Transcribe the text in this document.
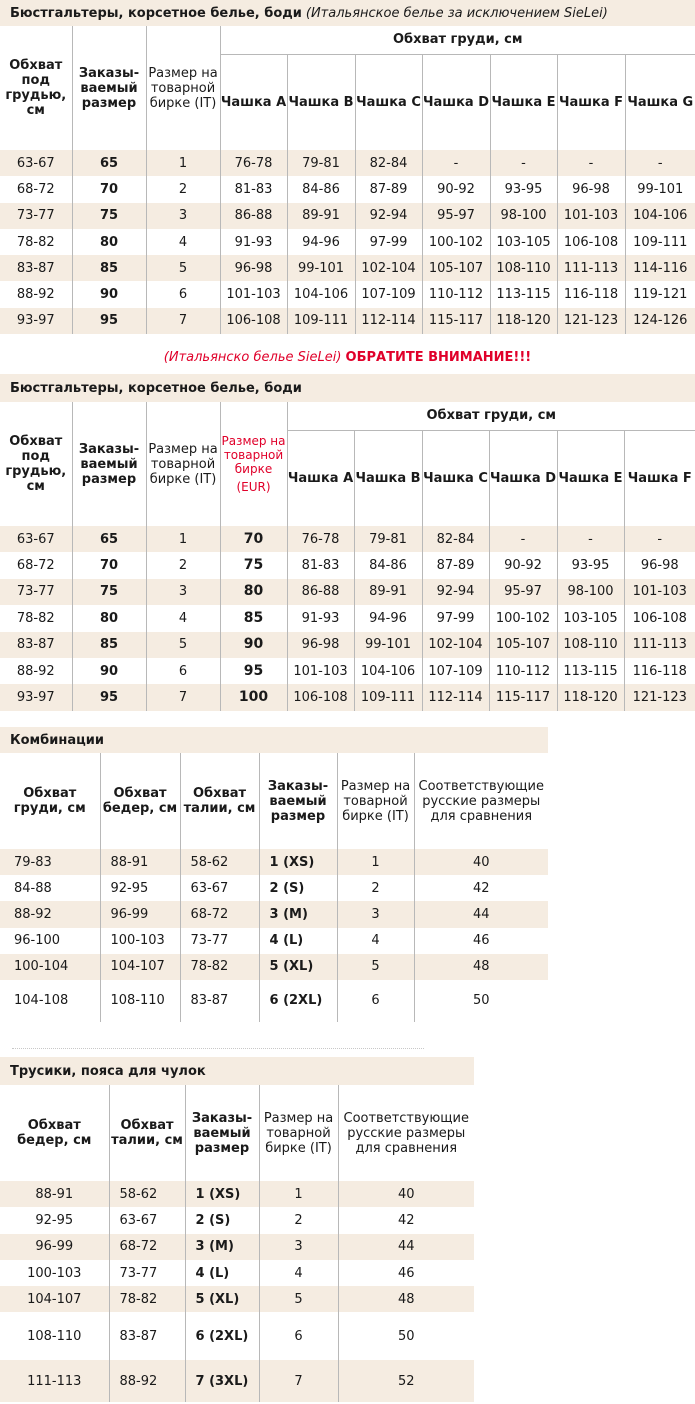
Бюстгальтеры, корсетное белье, боди (Итальянское белье за исключением SieLei)
Обхват под грудью, см	Заказы-ваемый размер	Размер на товарной бирке (IT)	Обхват груди, см						
			Чашка A	Чашка B	Чашка C	Чашка D	Чашка E	Чашка F	Чашка G
63-67	65	1	76-78	79-81	82-84	-	-	-	-
68-72	70	2	81-83	84-86	87-89	90-92	93-95	96-98	99-101
73-77	75	3	86-88	89-91	92-94	95-97	98-100	101-103	104-106
78-82	80	4	91-93	94-96	97-99	100-102	103-105	106-108	109-111
83-87	85	5	96-98	99-101	102-104	105-107	108-110	111-113	114-116
88-92	90	6	101-103	104-106	107-109	110-112	113-115	116-118	119-121
93-97	95	7	106-108	109-111	112-114	115-117	118-120	121-123	124-126
(Итальянско белье SieLei) ОБРАТИТЕ ВНИМАНИЕ!!!
Бюстгальтеры, корсетное белье, боди
Обхват под грудью, см	Заказы-ваемый размер	Размер на товарной бирке (IT)	Размер на товарной бирке
(EUR)	Обхват груди, см					
				Чашка A	Чашка B	Чашка C	Чашка D	Чашка E	Чашка F
63-67	65	1	70	76-78	79-81	82-84	-	-	-
68-72	70	2	75	81-83	84-86	87-89	90-92	93-95	96-98
73-77	75	3	80	86-88	89-91	92-94	95-97	98-100	101-103
78-82	80	4	85	91-93	94-96	97-99	100-102	103-105	106-108
83-87	85	5	90	96-98	99-101	102-104	105-107	108-110	111-113
88-92	90	6	95	101-103	104-106	107-109	110-112	113-115	116-118
93-97	95	7	100	106-108	109-111	112-114	115-117	118-120	121-123
Комбинации
Обхват груди, см	Обхват бедер, см	Обхват талии, см	Заказы-ваемый размер	Размер на товарной бирке (IT)	Соответствующие русские размеры для сравнения
79-83	88-91	58-62	1 (XS)	1	40
84-88	92-95	63-67	2 (S)	2	42
88-92	96-99	68-72	3 (M)	3	44
96-100	100-103	73-77	4 (L)	4	46
100-104	104-107	78-82	5 (XL)	5	48
104-108	108-110	83-87	6 (2XL)	6	50
Трусики, пояса для чулок
Обхват бедер, см	Обхват талии, см	Заказы-ваемый размер	Размер на товарной бирке (IT)	Соответствующие русские размеры для сравнения
88-91	58-62	1 (XS)	1	40
92-95	63-67	2 (S)	2	42
96-99	68-72	3 (M)	3	44
100-103	73-77	4 (L)	4	46
104-107	78-82	5 (XL)	5	48
108-110	83-87	6 (2XL)	6	50
111-113	88-92	7 (3XL)	7	52
